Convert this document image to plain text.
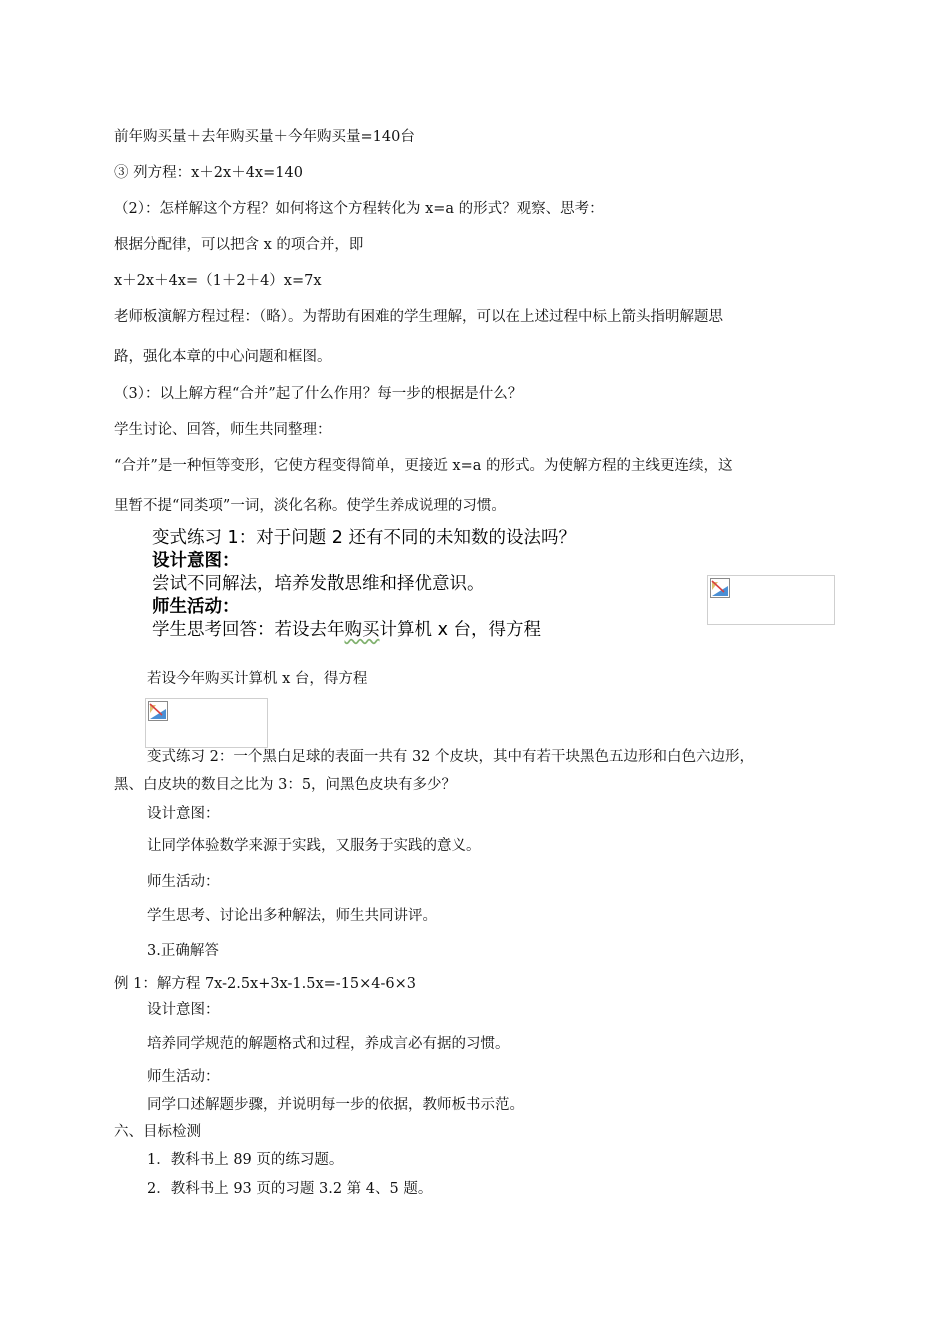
前年购买量＋去年购买量＋今年购买量=140台
③ 列方程：x＋2x＋4x=140
（2）：怎样解这个方程？如何将这个方程转化为 x=a 的形式？观察、思考：
根据分配律，可以把含 x 的项合并，即
x＋2x＋4x=（1＋2＋4）x=7x
老师板演解方程过程：（略）。为帮助有困难的学生理解，可以在上述过程中标上箭头指明解题思
路，强化本章的中心问题和框图。
（3）：以上解方程“合并”起了什么作用？每一步的根据是什么？
学生讨论、回答，师生共同整理：
“合并”是一种恒等变形，它使方程变得简单，更接近 x=a 的形式。为使解方程的主线更连续，这
里暂不提“同类项”一词，淡化名称。使学生养成说理的习惯。
变式练习 1：对于问题 2 还有不同的未知数的设法吗？
设计意图：
尝试不同解法，培养发散思维和择优意识。
师生活动：
学生思考回答：若设去年购买计算机 x 台，得方程
若设今年购买计算机 x 台，得方程
变式练习 2：一个黑白足球的表面一共有 32 个皮块，其中有若干块黑色五边形和白色六边形，
黑、白皮块的数目之比为 3：5，问黑色皮块有多少？
设计意图：
让同学体验数学来源于实践，又服务于实践的意义。
师生活动：
学生思考、讨论出多种解法，师生共同讲评。
3.正确解答
例 1：解方程 7x-2.5x+3x-1.5x=-15×4-6×3
设计意图：
培养同学规范的解题格式和过程，养成言必有据的习惯。
师生活动：
同学口述解题步骤，并说明每一步的依据，教师板书示范。
六、目标检测
1．教科书上 89 页的练习题。
2．教科书上 93 页的习题 3.2 第 4、5 题。
